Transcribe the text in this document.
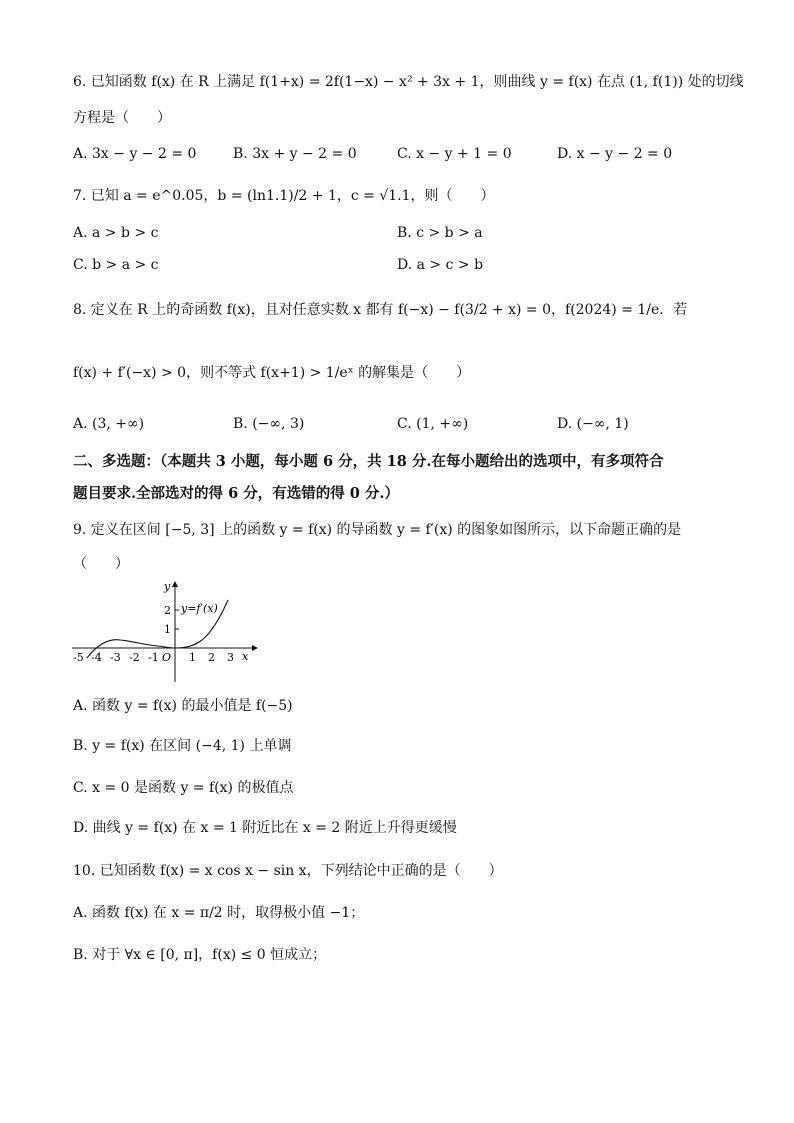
6. 已知函数 f(x) 在 R 上满足 f(1+x) = 2f(1−x) − x² + 3x + 1，则曲线 y = f(x) 在点 (1, f(1)) 处的切线
方程是（　　）
A. 3x − y − 2 = 0	B. 3x + y − 2 = 0	C. x − y + 1 = 0	D. x − y − 2 = 0
7. 已知 a = e^0.05，b = (ln1.1)/2 + 1，c = √1.1，则（　　）
A. a > b > c	B. c > b > a
C. b > a > c	D. a > c > b
8. 定义在 R 上的奇函数 f(x)，且对任意实数 x 都有 f(−x) − f(3/2 + x) = 0，f(2024) = 1/e．若
f(x) + f′(−x) > 0，则不等式 f(x+1) > 1/eˣ 的解集是（　　）
A. (3, +∞)	B. (−∞, 3)	C. (1, +∞)	D. (−∞, 1)
二、多选题：（本题共 3 小题，每小题 6 分，共 18 分.在每小题给出的选项中，有多项符合
题目要求.全部选对的得 6 分，有选错的得 0 分.）
9. 定义在区间 [−5, 3] 上的函数 y = f(x) 的导函数 y = f′(x) 的图象如图所示，以下命题正确的是
（　　）
y
x
y=f′(x)
1
2
O
-5 -4 -3 -2 -1	1 2 3
A. 函数 y = f(x) 的最小值是 f(−5)
B. y = f(x) 在区间 (−4, 1) 上单调
C. x = 0 是函数 y = f(x) 的极值点
D. 曲线 y = f(x) 在 x = 1 附近比在 x = 2 附近上升得更缓慢
10. 已知函数 f(x) = x cos x − sin x，下列结论中正确的是（　　）
A. 函数 f(x) 在 x = π/2 时，取得极小值 −1；
B. 对于 ∀x ∈ [0, π]，f(x) ≤ 0 恒成立；
